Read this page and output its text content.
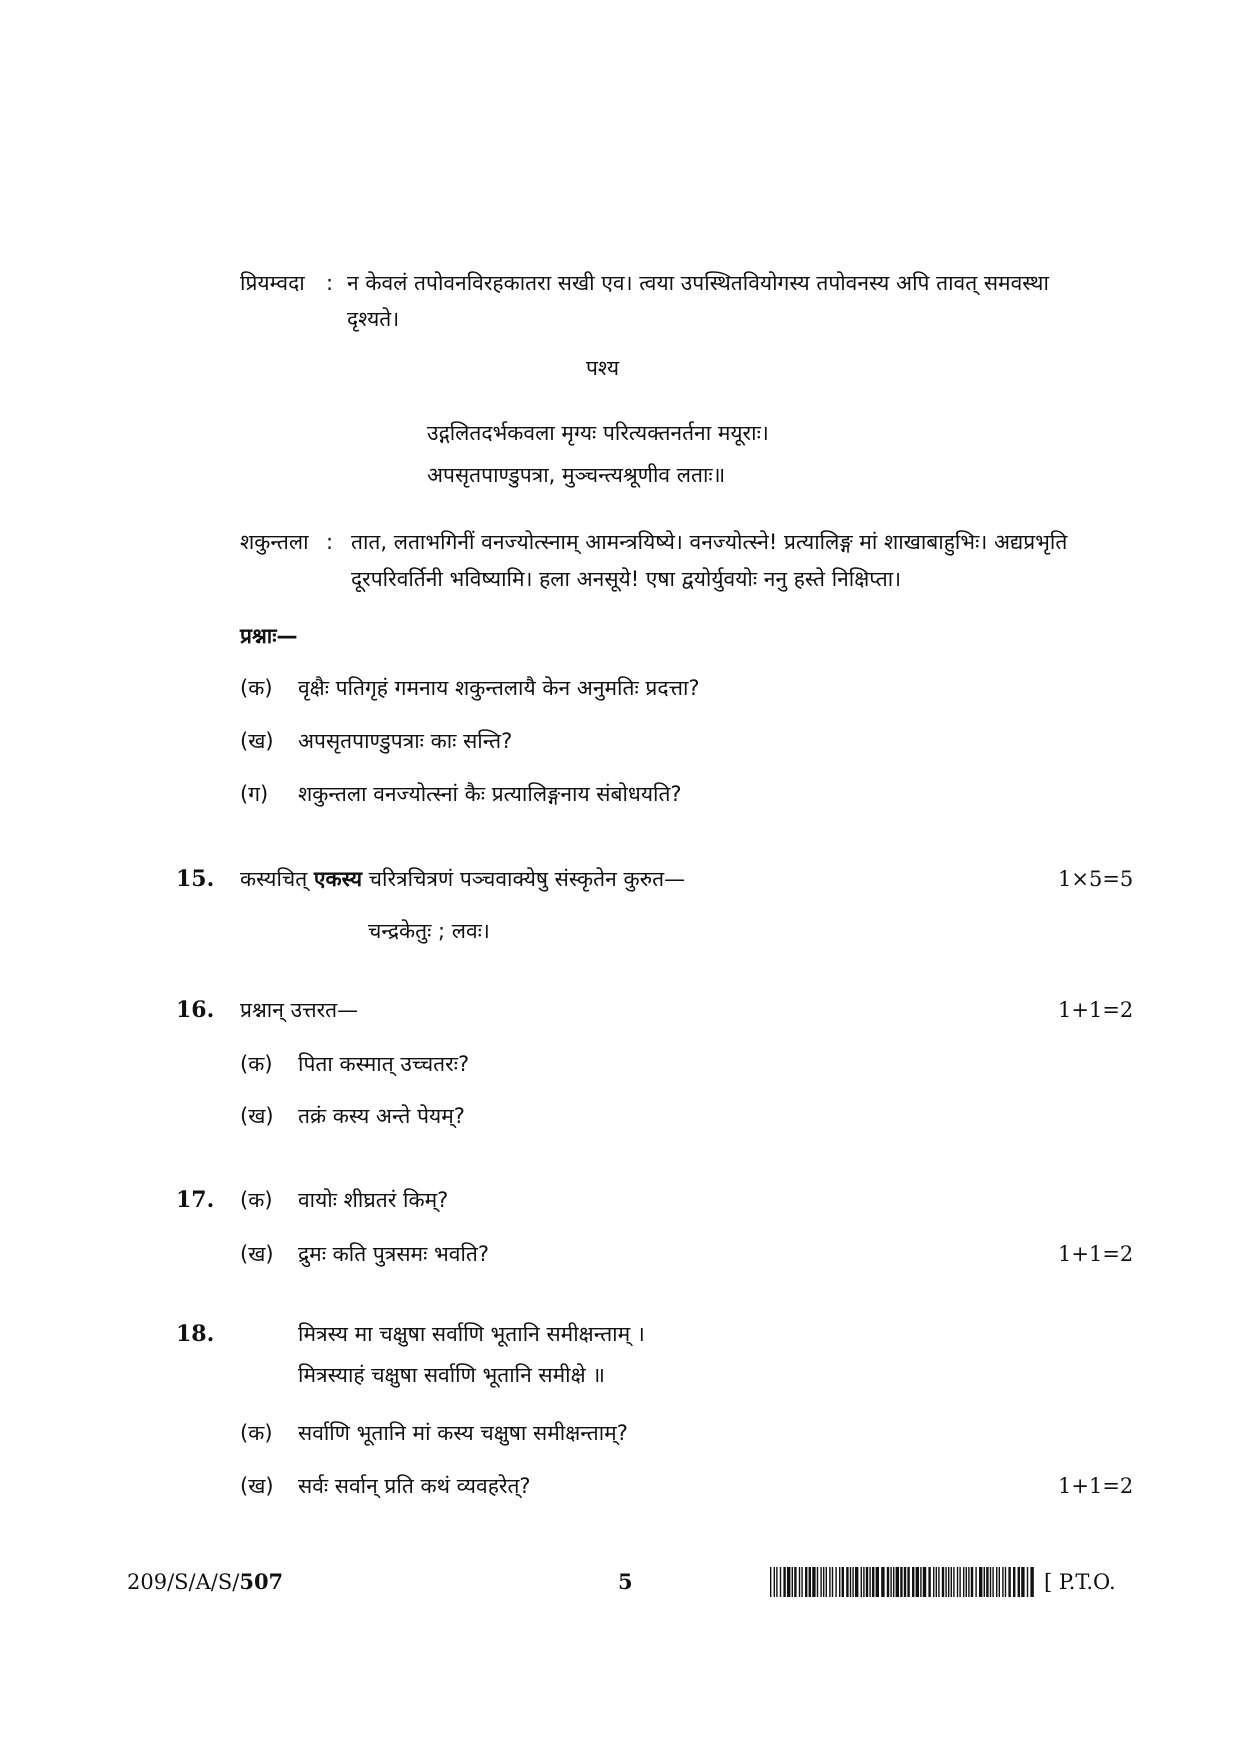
प्रियम्वदा : न केवलं तपोवनविरहकातरा सखी एव। त्वया उपस्थितवियोगस्य तपोवनस्य अपि तावत् समवस्था
दृश्यते।
पश्य
उद्गलितदर्भकवला मृग्यः परित्यक्तनर्तना मयूराः।
अपसृतपाण्डुपत्रा, मुञ्चन्त्यश्रूणीव लताः॥
शकुन्तला : तात, लताभगिनीं वनज्योत्स्नाम् आमन्त्रयिष्ये। वनज्योत्स्ने! प्रत्यालिङ्ग मां शाखाबाहुभिः। अद्यप्रभृति
दूरपरिवर्तिनी भविष्यामि। हला अनसूये! एषा द्वयोर्युवयोः ननु हस्ते निक्षिप्ता।
प्रश्नाः—
(क) वृक्षैः पतिगृहं गमनाय शकुन्तलायै केन अनुमतिः प्रदत्ता?
(ख) अपसृतपाण्डुपत्राः काः सन्ति?
(ग) शकुन्तला वनज्योत्स्नां कैः प्रत्यालिङ्गनाय संबोधयति?
15. कस्यचित् एकस्य चरित्रचित्रणं पञ्चवाक्येषु संस्कृतेन कुरुत—	1×5=5
चन्द्रकेतुः ; लवः।
16. प्रश्नान् उत्तरत—	1+1=2
(क) पिता कस्मात् उच्चतरः?
(ख) तक्रं कस्य अन्ते पेयम्?
17. (क) वायोः शीघ्रतरं किम्?
(ख) द्रुमः कति पुत्रसमः भवति?	1+1=2
18.	मित्रस्य मा चक्षुषा सर्वाणि भूतानि समीक्षन्ताम् ।
मित्रस्याहं चक्षुषा सर्वाणि भूतानि समीक्षे ॥
(क) सर्वाणि भूतानि मां कस्य चक्षुषा समीक्षन्ताम्?
(ख) सर्वः सर्वान् प्रति कथं व्यवहरेत्?	1+1=2
209/S/A/S/507	5	[ P.T.O.
